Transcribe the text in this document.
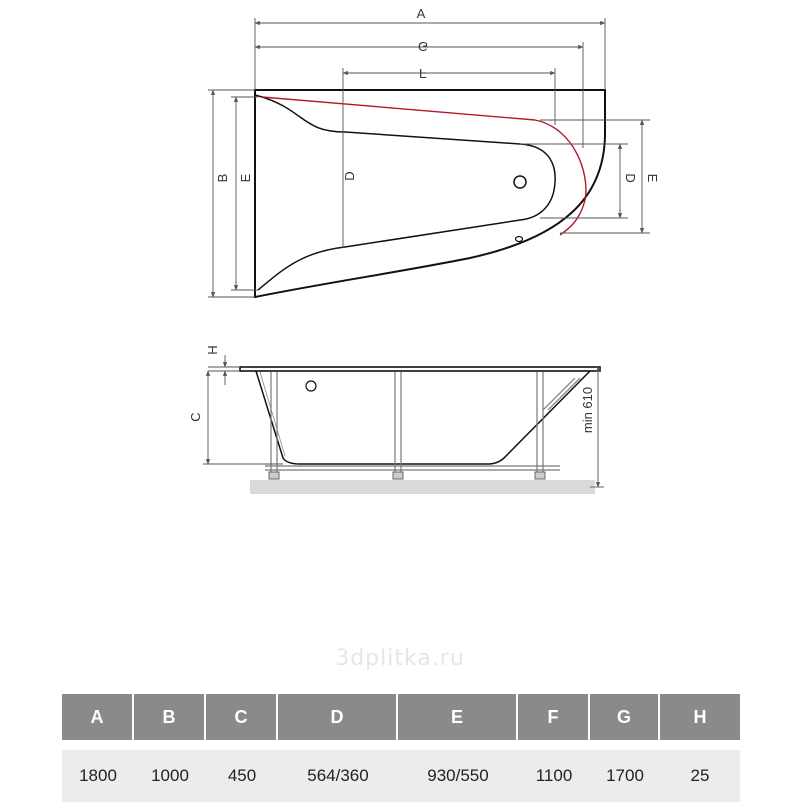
A
G
F
B E	D	D E
H
C	min 610
3dplitka.ru
A	B	C	D	E	F	G	H
1800	1000	450	564/360	930/550	1100	1700	25
